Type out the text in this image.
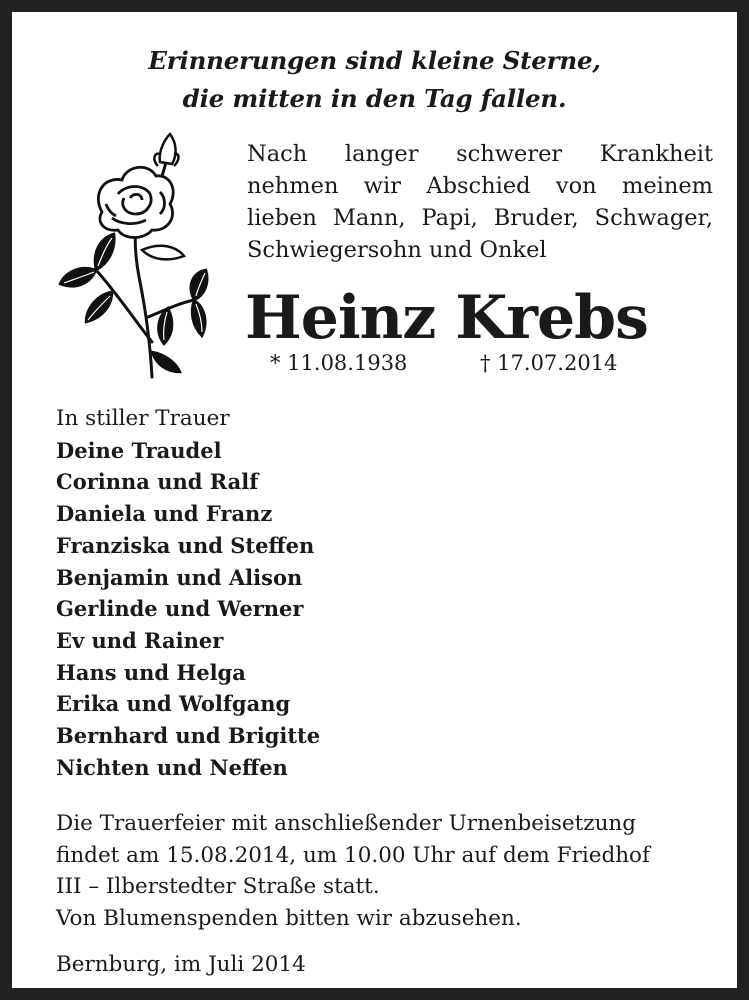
Erinnerungen sind kleine Sterne,
die mitten in den Tag fallen.
Nach langer schwerer Krankheit nehmen wir Abschied von meinem lieben Mann, Papi, Bruder, Schwager, Schwiegersohn und Onkel
Heinz Krebs
* 11.08.1938	† 17.07.2014
In stiller Trauer
Deine Traudel
Corinna und Ralf
Daniela und Franz
Franziska und Steffen
Benjamin und Alison
Gerlinde und Werner
Ev und Rainer
Hans und Helga
Erika und Wolfgang
Bernhard und Brigitte
Nichten und Neffen
Die Trauerfeier mit anschließender Urnenbeisetzung
findet am 15.08.2014, um 10.00 Uhr auf dem Friedhof
III – Ilberstedter Straße statt.
Von Blumenspenden bitten wir abzusehen.
Bernburg, im Juli 2014
